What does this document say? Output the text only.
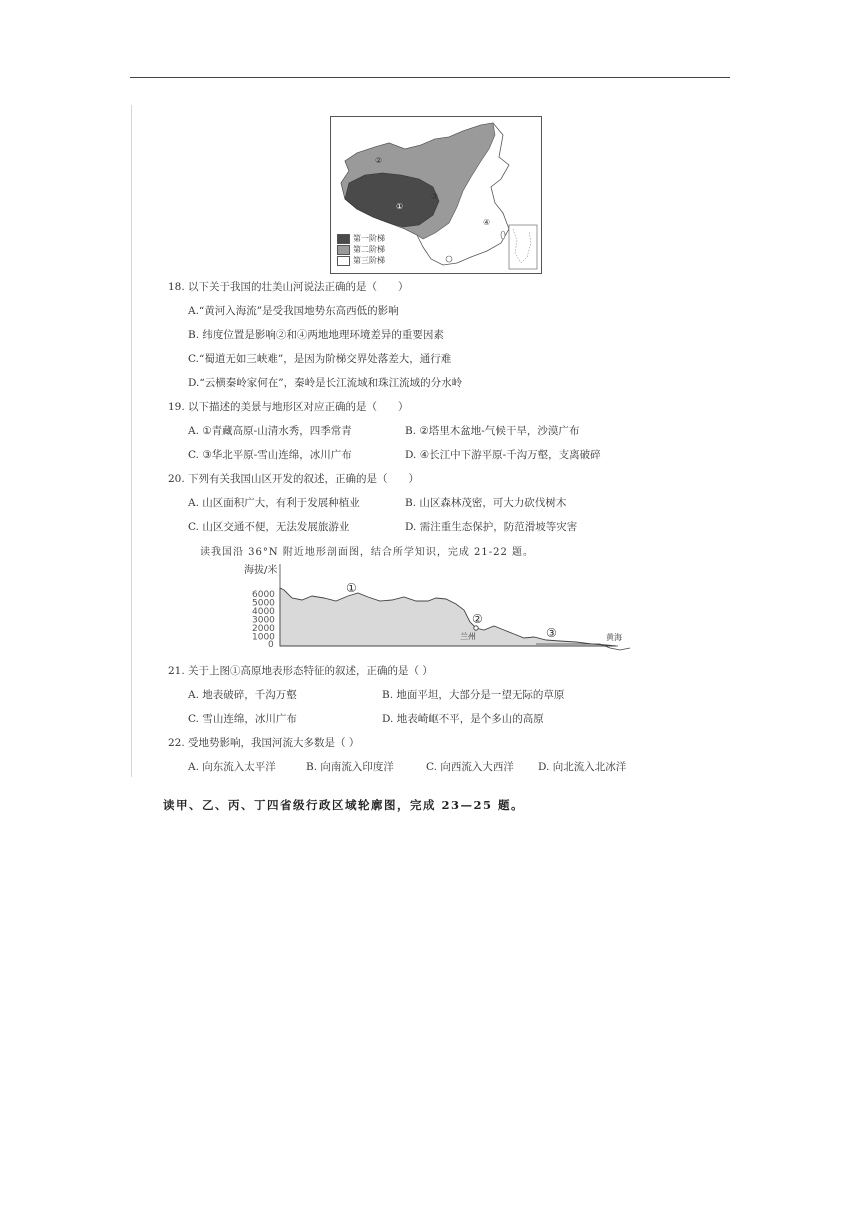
②
①
③
④
第一阶梯
第二阶梯
第三阶梯
18. 以下关于我国的壮美山河说法正确的是（　　）
A.“黄河入海流”是受我国地势东高西低的影响
B. 纬度位置是影响②和④两地地理环境差异的重要因素
C.“蜀道无如三峡难”，是因为阶梯交界处落差大，通行难
D.“云横秦岭家何在”，秦岭是长江流域和珠江流域的分水岭
19. 以下描述的美景与地形区对应正确的是（　　）
A. ①青藏高原-山清水秀，四季常青	B. ②塔里木盆地-气候干旱，沙漠广布
C. ③华北平原-雪山连绵，冰川广布	D. ④长江中下游平原-千沟万壑，支离破碎
20. 下列有关我国山区开发的叙述，正确的是（　　）
A. 山区面积广大，有利于发展种植业	B. 山区森林茂密，可大力砍伐树木
C. 山区交通不便，无法发展旅游业	D. 需注重生态保护，防范滑坡等灾害
读我国沿 36°N 附近地形剖面图，结合所学知识，完成 21-22 题。
海拔/米
6000
5000
4000
3000
2000
1000
0
①
②
③
兰州	黄海
21. 关于上图①高原地表形态特征的叙述，正确的是（ ）
A. 地表破碎，千沟万壑	B. 地面平坦，大部分是一望无际的草原
C. 雪山连绵，冰川广布	D. 地表崎岖不平，是个多山的高原
22. 受地势影响，我国河流大多数是（ ）
A. 向东流入太平洋	B. 向南流入印度洋	C. 向西流入大西洋 D. 向北流入北冰洋
读甲、乙、丙、丁四省级行政区域轮廓图，完成 23—25 题。
